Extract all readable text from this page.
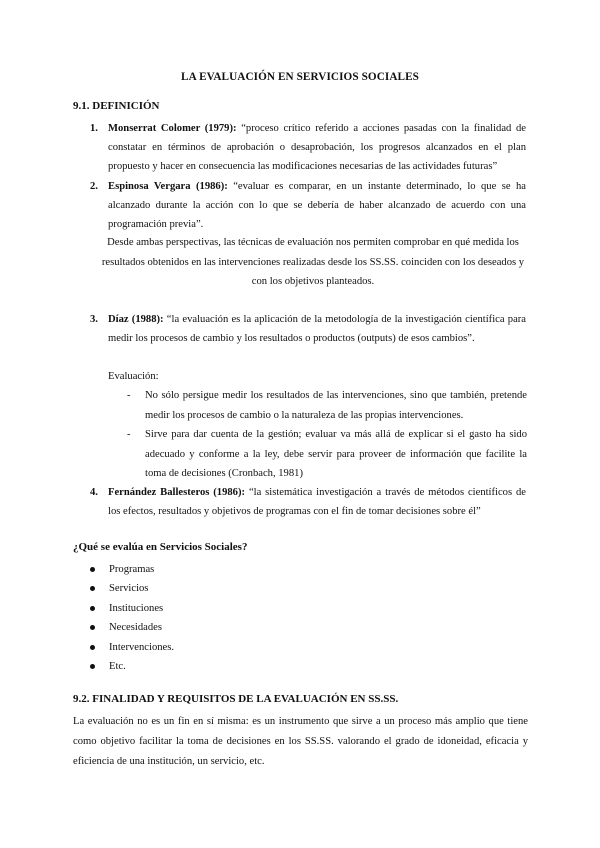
LA EVALUACIÓN EN SERVICIOS SOCIALES
9.1. DEFINICIÓN
1. Monserrat Colomer (1979): “proceso crítico referido a acciones pasadas con la finalidad de constatar en términos de aprobación o desaprobación, los progresos alcanzados en el plan propuesto y hacer en consecuencia las modificaciones necesarias de las actividades futuras”
2. Espinosa Vergara (1986): “evaluar es comparar, en un instante determinado, lo que se ha alcanzado durante la acción con lo que se debería de haber alcanzado de acuerdo con una programación previa”.
Desde ambas perspectivas, las técnicas de evaluación nos permiten comprobar en qué medida los resultados obtenidos en las intervenciones realizadas desde los SS.SS. coinciden con los deseados y con los objetivos planteados.
3. Díaz (1988): “la evaluación es la aplicación de la metodología de la investigación científica para medir los procesos de cambio y los resultados o productos (outputs) de esos cambios”.
Evaluación:
- No sólo persigue medir los resultados de las intervenciones, sino que también, pretende medir los procesos de cambio o la naturaleza de las propias intervenciones.
- Sirve para dar cuenta de la gestión; evaluar va más allá de explicar si el gasto ha sido adecuado y conforme a la ley, debe servir para proveer de información que facilite la toma de decisiones (Cronbach, 1981)
4. Fernández Ballesteros (1986): “la sistemática investigación a través de métodos científicos de los efectos, resultados y objetivos de programas con el fin de tomar decisiones sobre él”
¿Qué se evalúa en Servicios Sociales?
Programas
Servicios
Instituciones
Necesidades
Intervenciones.
Etc.
9.2. FINALIDAD Y REQUISITOS DE LA EVALUACIÓN EN SS.SS.
La evaluación no es un fin en sí misma: es un instrumento que sirve a un proceso más amplio que tiene como objetivo facilitar la toma de decisiones en los SS.SS. valorando el grado de idoneidad, eficacia y eficiencia de una institución, un servicio, etc.
